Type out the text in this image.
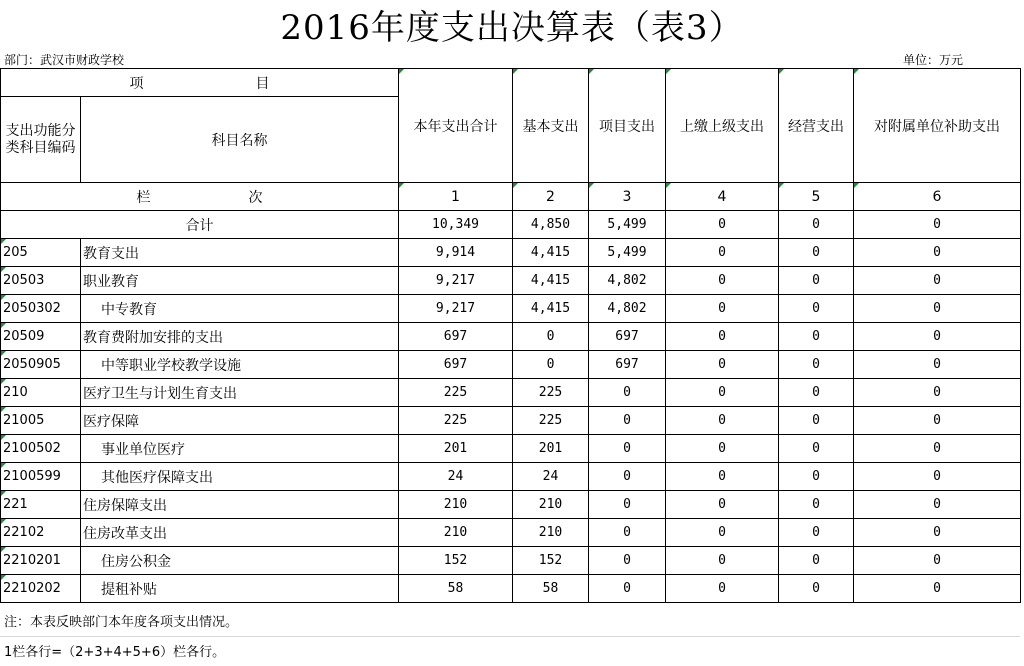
2016年度支出决算表（表3）
部门：武汉市财政学校	单位：万元
项　　　　　　　　目		本年支出合计	基本支出	项目支出	上缴上级支出	经营支出	对附属单位补助支出
支出功能分类科目编码	科目名称						
栏　　　　　　　次		1	2	3	4	5	6
合计		10,349	4,850	5,499	0	0	0
205	教育支出	9,914	4,415	5,499	0	0	0
20503	职业教育	9,217	4,415	4,802	0	0	0
2050302	中专教育	9,217	4,415	4,802	0	0	0
20509	教育费附加安排的支出	697	0	697	0	0	0
2050905	中等职业学校教学设施	697	0	697	0	0	0
210	医疗卫生与计划生育支出	225	225	0	0	0	0
21005	医疗保障	225	225	0	0	0	0
2100502	事业单位医疗	201	201	0	0	0	0
2100599	其他医疗保障支出	24	24	0	0	0	0
221	住房保障支出	210	210	0	0	0	0
22102	住房改革支出	210	210	0	0	0	0
2210201	住房公积金	152	152	0	0	0	0
2210202	提租补贴	58	58	0	0	0	0
注：本表反映部门本年度各项支出情况。
1栏各行=（2+3+4+5+6）栏各行。
